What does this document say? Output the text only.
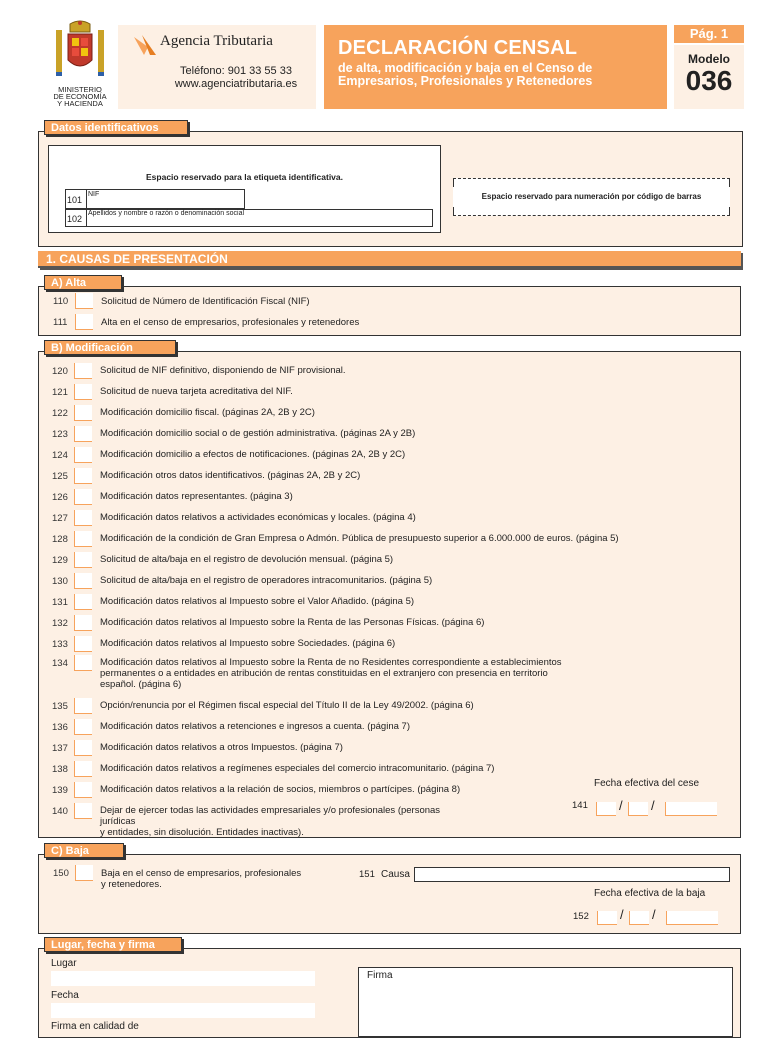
MINISTERIO
DE ECONOMÍA
Y HACIENDA
Agencia Tributaria
Teléfono: 901 33 55 33
www.agenciatributaria.es
DECLARACIÓN CENSAL
de alta, modificación y baja en el Censo de Empresarios, Profesionales y Retenedores
Pág. 1
Modelo
036
Datos identificativos
Espacio reservado para la etiqueta identificativa.
101
NIF
102
Apellidos y nombre o razón o denominación social
Espacio reservado para numeración por código de barras
1. CAUSAS DE PRESENTACIÓN
110	Solicitud de Número de Identificación Fiscal (NIF)
111	Alta en el censo de empresarios, profesionales y retenedores
A) Alta
B) Modificación
Fecha efectiva del cese
141 / /
150	Baja en el censo de empresarios, profesionales
y retenedores.
151 Causa
Fecha efectiva de la baja
152 / /
C) Baja
Lugar
Fecha
Firma en calidad de
Firma
Lugar, fecha y firma
120	Solicitud de NIF definitivo, disponiendo de NIF provisional.
121	Solicitud de nueva tarjeta acreditativa del NIF.
122	Modificación domicilio fiscal. (páginas 2A, 2B y 2C)
123	Modificación domicilio social o de gestión administrativa. (páginas 2A y 2B)
124	Modificación domicilio a efectos de notificaciones. (páginas 2A, 2B y 2C)
125	Modificación otros datos identificativos. (páginas 2A, 2B y 2C)
126	Modificación datos representantes. (página 3)
127	Modificación datos relativos a actividades económicas y locales. (página 4)
128	Modificación de la condición de Gran Empresa o Admón. Pública de presupuesto superior a 6.000.000 de euros. (página 5)
129	Solicitud de alta/baja en el registro de devolución mensual. (página 5)
130	Solicitud de alta/baja en el registro de operadores intracomunitarios. (página 5)
131	Modificación datos relativos al Impuesto sobre el Valor Añadido. (página 5)
132	Modificación datos relativos al Impuesto sobre la Renta de las Personas Físicas. (página 6)
133	Modificación datos relativos al Impuesto sobre Sociedades. (página 6)
134	Modificación datos relativos al Impuesto sobre la Renta de no Residentes correspondiente a establecimientos
permanentes o a entidades en atribución de rentas constituidas en el extranjero con presencia en territorio
español. (página 6)
135	Opción/renuncia por el Régimen fiscal especial del Título II de la Ley 49/2002. (página 6)
136	Modificación datos relativos a retenciones e ingresos a cuenta. (página 7)
137	Modificación datos relativos a otros Impuestos. (página 7)
138	Modificación datos relativos a regímenes especiales del comercio intracomunitario. (página 7)
139	Modificación datos relativos a la relación de socios, miembros o partícipes. (página 8)
140	Dejar de ejercer todas las actividades empresariales y/o profesionales (personas jurídicas
y entidades, sin disolución. Entidades inactivas).
